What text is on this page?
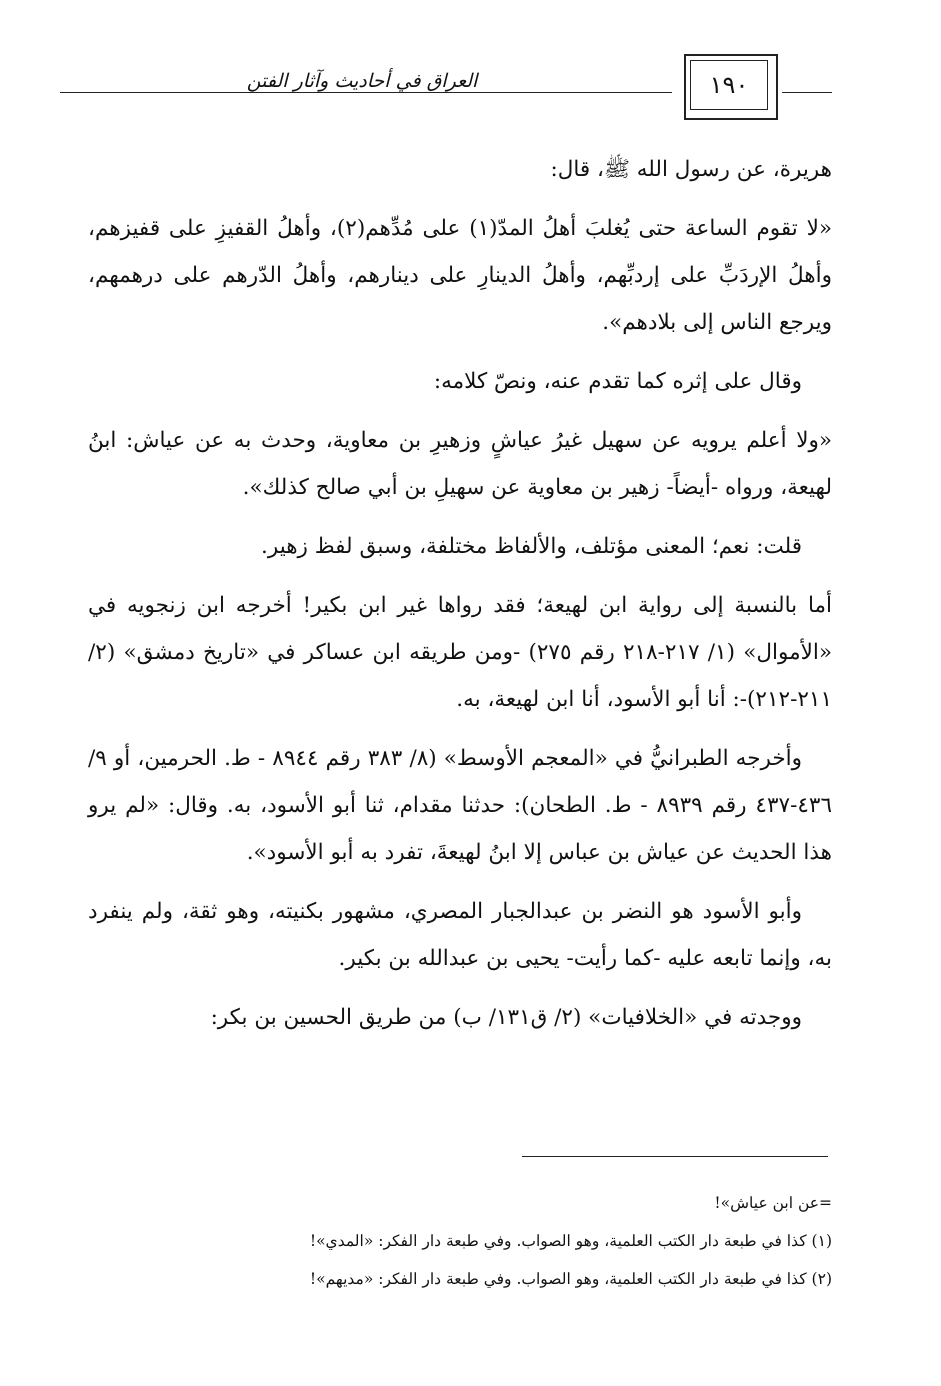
العراق في أحاديث وآثار الفتن	١٩٠

هريرة، عن رسول الله ﷺ، قال:

«لا تقوم الساعة حتى يُغلبَ أهلُ المدّ(١) على مُدِّهم(٢)، وأهلُ القفيزِ على قفيزهم، وأهلُ الإردَبِّ على إردبِّهم، وأهلُ الدينارِ على دينارهم، وأهلُ الدّرهم على درهمهم، ويرجع الناس إلى بلادهم».

وقال على إثره كما تقدم عنه، ونصّ كلامه:

«ولا أعلم يرويه عن سهيل غيرُ عياشٍ وزهيرِ بن معاوية، وحدث به عن عياش: ابنُ لهيعة، ورواه -أيضاً- زهير بن معاوية عن سهيلِ بن أبي صالح كذلك».

قلت: نعم؛ المعنى مؤتلف، والألفاظ مختلفة، وسبق لفظ زهير.

أما بالنسبة إلى رواية ابن لهيعة؛ فقد رواها غير ابن بكير! أخرجه ابن زنجويه في «الأموال» (١/ ٢١٧-٢١٨ رقم ٢٧٥) -ومن طريقه ابن عساكر في «تاريخ دمشق» (٢/ ٢١١-٢١٢)-: أنا أبو الأسود، أنا ابن لهيعة، به.

وأخرجه الطبرانيُّ في «المعجم الأوسط» (٨/ ٣٨٣ رقم ٨٩٤٤ - ط. الحرمين، أو ٩/ ٤٣٦-٤٣٧ رقم ٨٩٣٩ - ط. الطحان): حدثنا مقدام، ثنا أبو الأسود، به. وقال: «لم يرو هذا الحديث عن عياش بن عباس إلا ابنُ لهيعةَ، تفرد به أبو الأسود».

وأبو الأسود هو النضر بن عبدالجبار المصري، مشهور بكنيته، وهو ثقة، ولم ينفرد به، وإنما تابعه عليه -كما رأيت- يحيى بن عبدالله بن بكير.

ووجدته في «الخلافيات» (٢/ ق١٣١/ ب) من طريق الحسين بن بكر:

=عن ابن عياش»!

(١) كذا في طبعة دار الكتب العلمية، وهو الصواب. وفي طبعة دار الفكر: «المدي»!

(٢) كذا في طبعة دار الكتب العلمية، وهو الصواب. وفي طبعة دار الفكر: «مديهم»!
